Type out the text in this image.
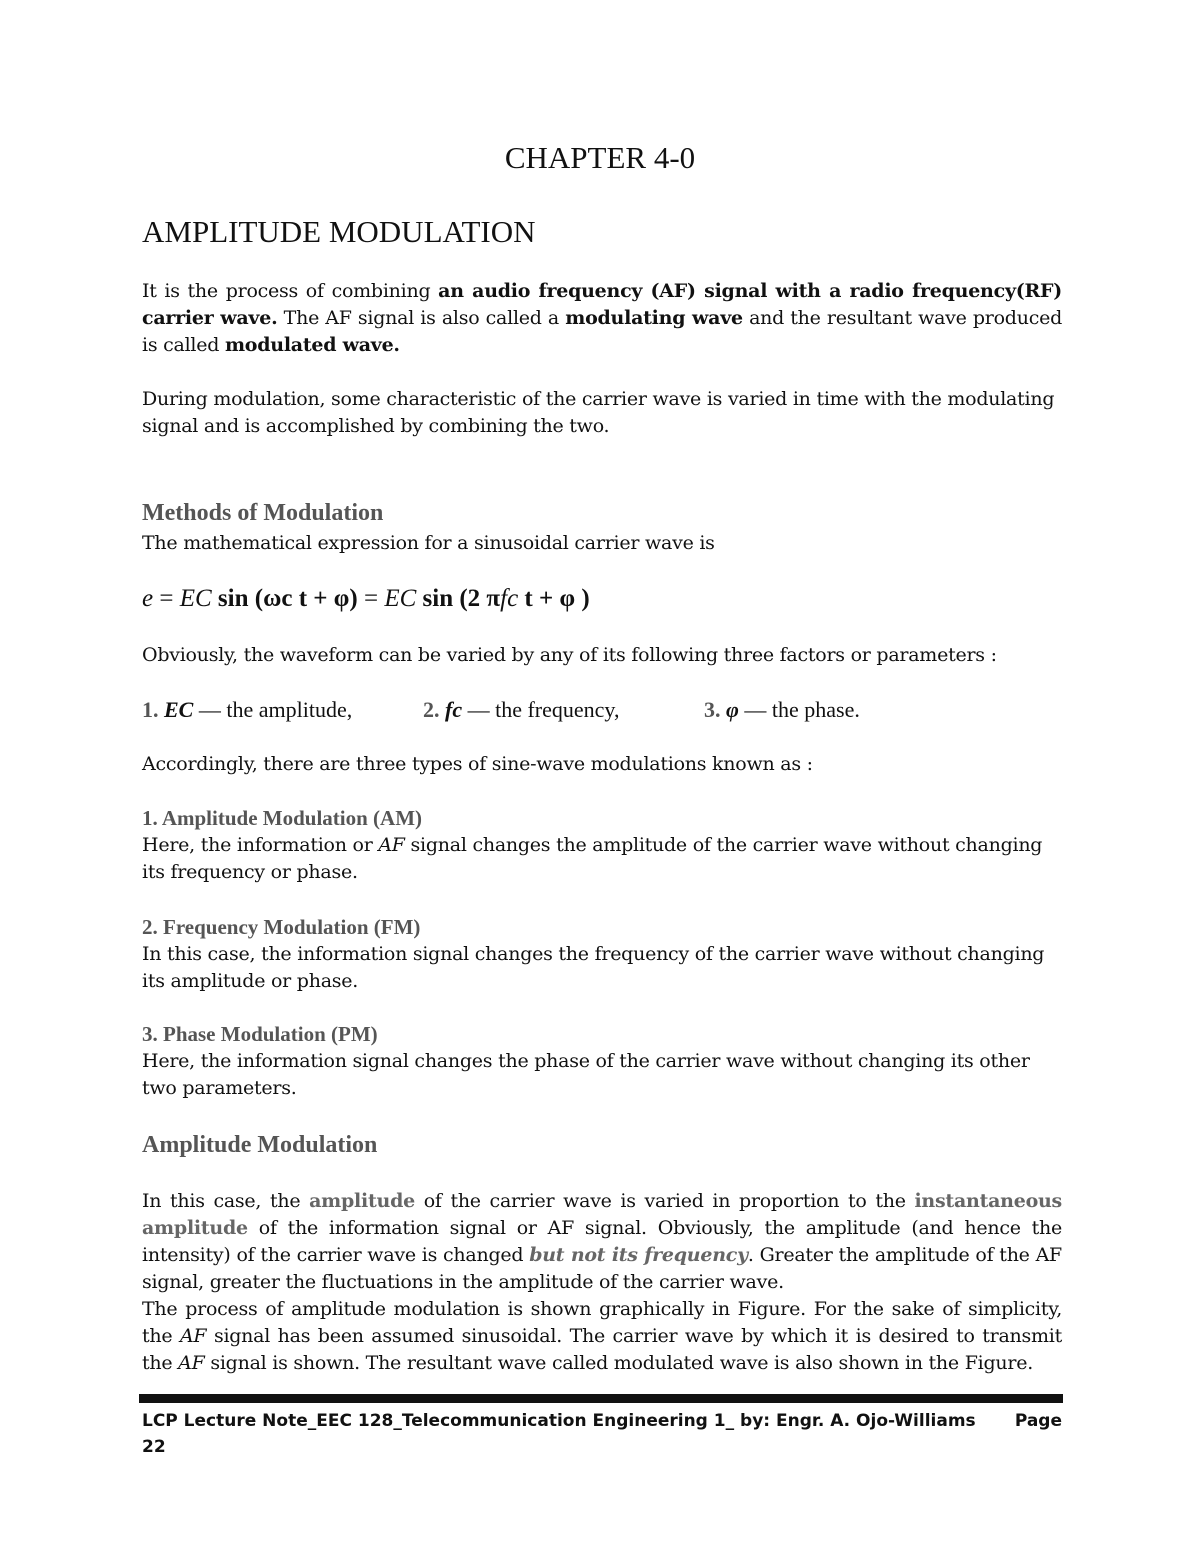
CHAPTER 4-0
AMPLITUDE MODULATION

It is the process of combining an audio frequency (AF) signal with a radio frequency(RF) carrier wave. The AF signal is also called a modulating wave and the resultant wave produced is called modulated wave.

During modulation, some characteristic of the carrier wave is varied in time with the modulating signal and is accomplished by combining the two.

Methods of Modulation

The mathematical expression for a sinusoidal carrier wave is

e = EC sin (ωc t + φ) = EC sin (2 πfc t + φ )

Obviously, the waveform can be varied by any of its following three factors or parameters :

1. EC — the amplitude,	2. fc — the frequency,	3. φ — the phase.

Accordingly, there are three types of sine-wave modulations known as :

1. Amplitude Modulation (AM)

Here, the information or AF signal changes the amplitude of the carrier wave without changing its frequency or phase.

2. Frequency Modulation (FM)

In this case, the information signal changes the frequency of the carrier wave without changing its amplitude or phase.

3. Phase Modulation (PM)

Here, the information signal changes the phase of the carrier wave without changing its other two parameters.

Amplitude Modulation

In this case, the amplitude of the carrier wave is varied in proportion to the instantaneous amplitude of the information signal or AF signal. Obviously, the amplitude (and hence the intensity) of the carrier wave is changed but not its frequency. Greater the amplitude of the AF signal, greater the fluctuations in the amplitude of the carrier wave.

The process of amplitude modulation is shown graphically in Figure. For the sake of simplicity, the AF signal has been assumed sinusoidal. The carrier wave by which it is desired to transmit the AF signal is shown. The resultant wave called modulated wave is also shown in the Figure.

LCP Lecture Note_EEC 128_Telecommunication Engineering 1_ by: Engr. A. Ojo-Williams Page
22
